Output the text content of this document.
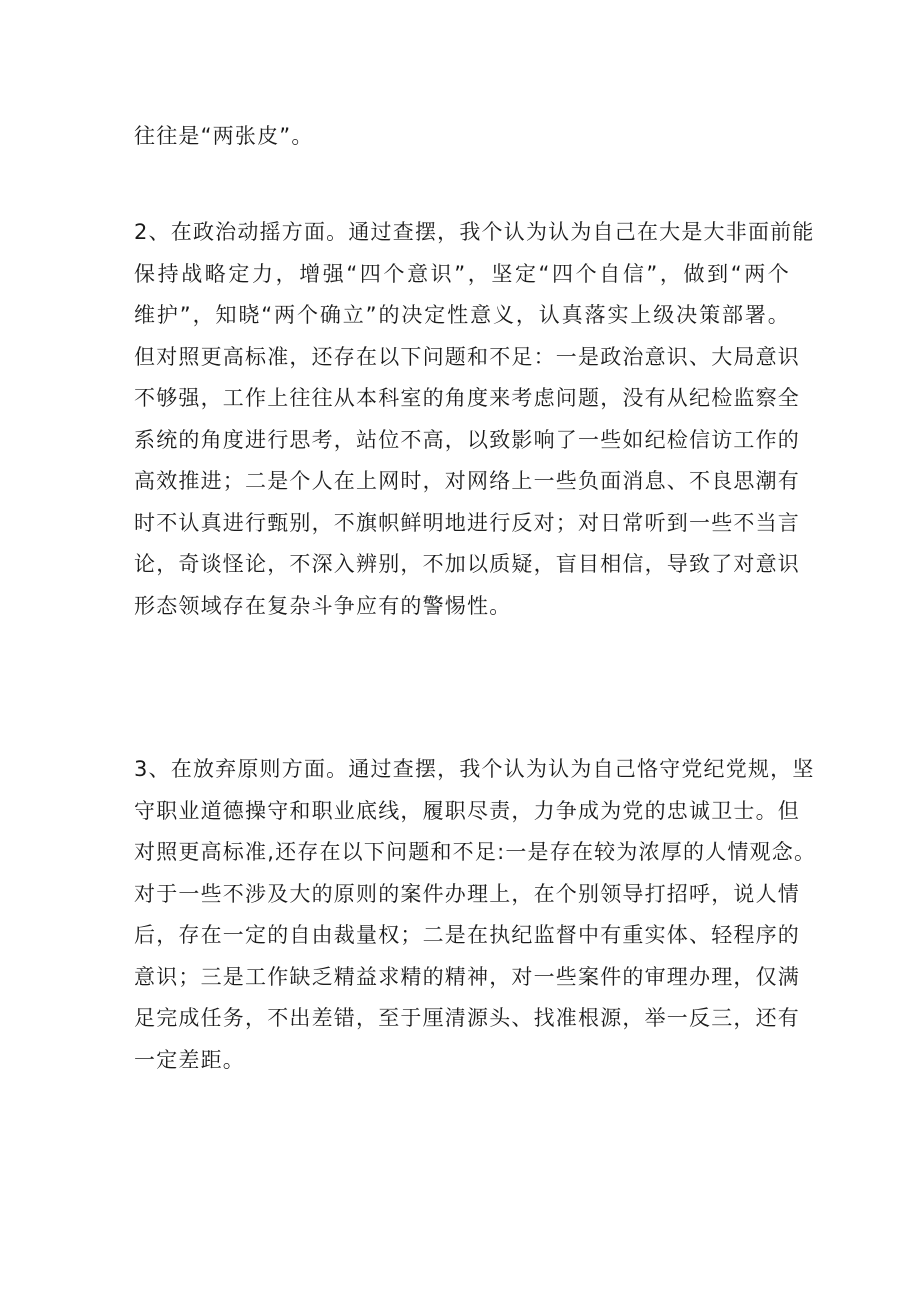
往往是“两张皮”。

2、在政治动摇方面。通过查摆，我个认为认为自己在大是大非面前能
保持战略定力，增强“四个意识”，坚定“四个自信”，做到“两个
维护”，知晓“两个确立”的决定性意义，认真落实上级决策部署。
但对照更高标准，还存在以下问题和不足：一是政治意识、大局意识
不够强，工作上往往从本科室的角度来考虑问题，没有从纪检监察全
系统的角度进行思考，站位不高，以致影响了一些如纪检信访工作的
高效推进；二是个人在上网时，对网络上一些负面消息、不良思潮有
时不认真进行甄别，不旗帜鲜明地进行反对；对日常听到一些不当言
论，奇谈怪论，不深入辨别，不加以质疑，盲目相信，导致了对意识
形态领域存在复杂斗争应有的警惕性。

3、在放弃原则方面。通过查摆，我个认为认为自己恪守党纪党规，坚
守职业道德操守和职业底线，履职尽责，力争成为党的忠诚卫士。但
对照更高标准,还存在以下问题和不足:一是存在较为浓厚的人情观念。
对于一些不涉及大的原则的案件办理上，在个别领导打招呼，说人情
后，存在一定的自由裁量权；二是在执纪监督中有重实体、轻程序的
意识；三是工作缺乏精益求精的精神，对一些案件的审理办理，仅满
足完成任务，不出差错，至于厘清源头、找准根源，举一反三，还有
一定差距。
